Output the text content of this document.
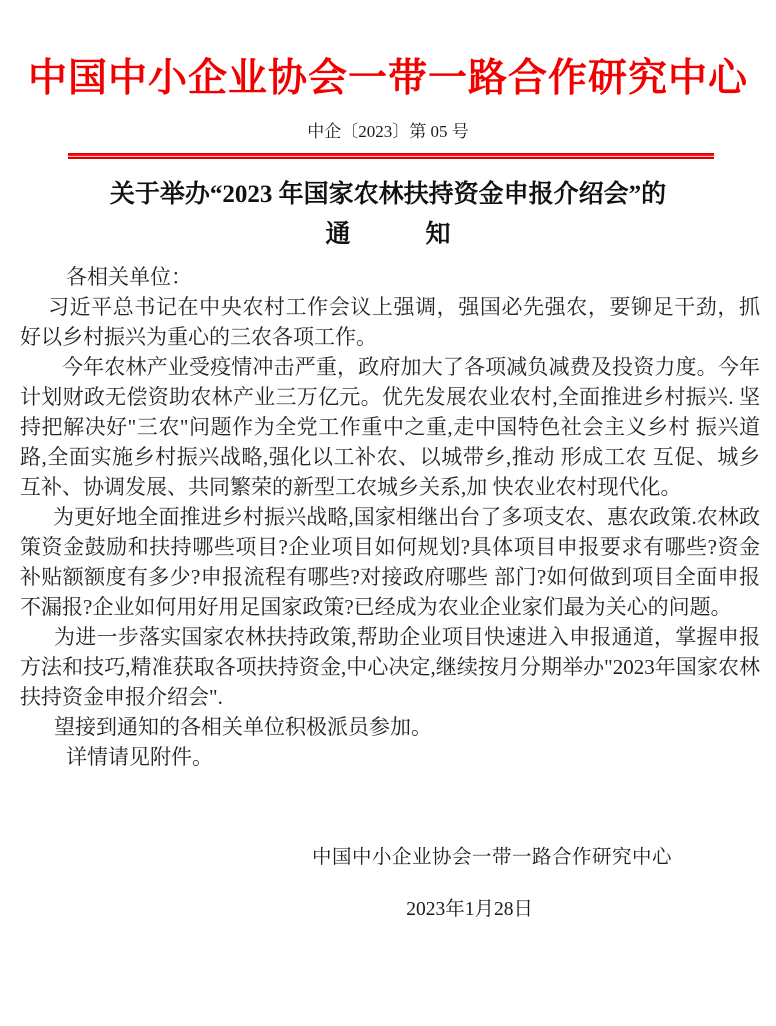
中国中小企业协会一带一路合作研究中心
中企〔2023〕第 05 号
关于举办“2023 年国家农林扶持资金申报介绍会”的
通　　　知

各相关单位：

习近平总书记在中央农村工作会议上强调，强国必先强农，要铆足干劲，抓好以乡村振兴为重心的三农各项工作。

今年农林产业受疫情冲击严重，政府加大了各项减负减费及投资力度。今年计划财政无偿资助农林产业三万亿元。优先发展农业农村,全面推进乡村振兴. 坚持把解决好"三农"问题作为全党工作重中之重,走中国特色社会主义乡村 振兴道路,全面实施乡村振兴战略,强化以工补农、以城带乡,推动 形成工农 互促、城乡互补、协调发展、共同繁荣的新型工农城乡关系,加 快农业农村现代化。

为更好地全面推进乡村振兴战略,国家相继出台了多项支农、惠农政策.农林政策资金鼓励和扶持哪些项目?企业项目如何规划?具体项目申报要求有哪些?资金补贴额额度有多少?申报流程有哪些?对接政府哪些 部门?如何做到项目全面申报不漏报?企业如何用好用足国家政策?已经成为农业企业家们最为关心的问题。

为进一步落实国家农林扶持政策,帮助企业项目快速进入申报通道，掌握申报方法和技巧,精准获取各项扶持资金,中心决定,继续按月分期举办"2023年国家农林扶持资金申报介绍会".

望接到通知的各相关单位积极派员参加。

详情请见附件。

中国中小企业协会一带一路合作研究中心
2023年1月28日
